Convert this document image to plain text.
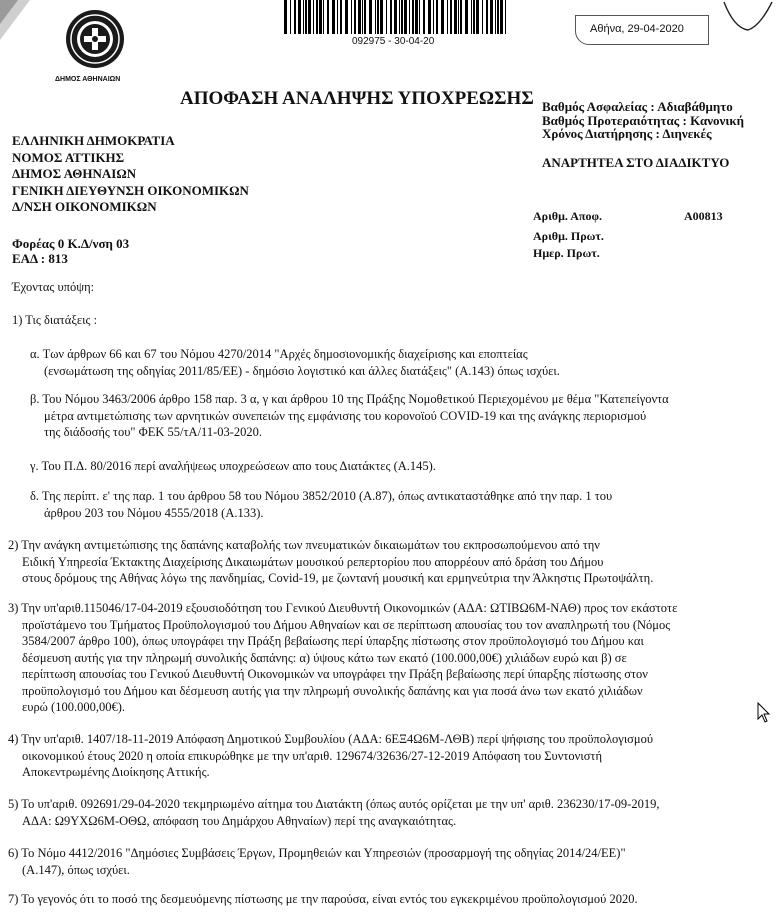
ΔΗΜΟΣ ΑΘΗΝΑΙΩΝ
092975 - 30-04-20
Αθήνα, 29-04-2020
ΑΠΟΦΑΣΗ ΑΝΑΛΗΨΗΣ ΥΠΟΧΡΕΩΣΗΣ Βαθμός Ασφαλείας : Αδιαβάθμητο
Βαθμός Προτεραιότητας : Κανονική
Χρόνος Διατήρησης : Διηνεκές
ΑΝΑΡΤΗΤΕΑ ΣΤΟ ΔΙΑΔΙΚΤΥΟ
ΕΛΛΗΝΙΚΗ ΔΗΜΟΚΡΑΤΙΑ
ΝΟΜΟΣ ΑΤΤΙΚΗΣ
ΔΗΜΟΣ ΑΘΗΝΑΙΩΝ
ΓΕΝΙΚΗ ΔΙΕΥΘΥΝΣΗ ΟΙΚΟΝΟΜΙΚΩΝ
Δ/ΝΣΗ ΟΙΚΟΝΟΜΙΚΩΝ
Αριθμ. Αποφ.	Α00813
Αριθμ. Πρωτ.
Ημερ. Πρωτ.
Φορέας 0 Κ.Δ/νση 03
ΕΑΔ : 813
Έχοντας υπόψη:
1) Τις διατάξεις :
α. Των άρθρων 66 και 67 του Νόμου 4270/2014 "Αρχές δημοσιονομικής διαχείρισης και εποπτείας
(ενσωμάτωση της οδηγίας 2011/85/ΕΕ) - δημόσιο λογιστικό και άλλες διατάξεις" (Α.143) όπως ισχύει.
β. Του Νόμου 3463/2006 άρθρο 158 παρ. 3 α, γ και άρθρου 10 της Πράξης Νομοθετικού Περιεχομένου με θέμα "Κατεπείγοντα
μέτρα αντιμετώπισης των αρνητικών συνεπειών της εμφάνισης του κορονοϊού COVID-19 και της ανάγκης περιορισμού
της διάδοσής του" ΦΕΚ 55/τΑ/11-03-2020.
γ. Του Π.Δ. 80/2016 περί αναλήψεως υποχρεώσεων απο τους Διατάκτες (Α.145).
δ. Της περίπτ. ε' της παρ. 1 του άρθρου 58 του Νόμου 3852/2010 (Α.87), όπως αντικαταστάθηκε από την παρ. 1 του
άρθρου 203 του Νόμου 4555/2018 (Α.133).
2) Την ανάγκη αντιμετώπισης της δαπάνης καταβολής των πνευματικών δικαιωμάτων του εκπροσωπούμενου από την
Ειδική Υπηρεσία Έκτακτης Διαχείρισης Δικαιωμάτων μουσικού ρεπερτορίου που απορρέουν από δράση του Δήμου
στους δρόμους της Αθήνας λόγω της πανδημίας, Covid-19, με ζωντανή μουσική και ερμηνεύτρια την Άλκηστις Πρωτοψάλτη.
3) Την υπ'αριθ.115046/17-04-2019 εξουσιοδότηση του Γενικού Διευθυντή Οικονομικών (ΑΔΑ: ΩΤΙΒΩ6Μ-ΝΑΘ) προς τον εκάστοτε
προϊστάμενο του Τμήματος Προϋπολογισμού του Δήμου Αθηναίων και σε περίπτωση απουσίας του τον αναπληρωτή του (Νόμος
3584/2007 άρθρο 100), όπως υπογράφει την Πράξη βεβαίωσης περί ύπαρξης πίστωσης στον προϋπολογισμό του Δήμου και
δέσμευση αυτής για την πληρωμή συνολικής δαπάνης: α) ύψους κάτω των εκατό (100.000,00€) χιλιάδων ευρώ και β) σε
περίπτωση απουσίας του Γενικού Διευθυντή Οικονομικών να υπογράφει την Πράξη βεβαίωσης περί ύπαρξης πίστωσης στον
προϋπολογισμό του Δήμου και δέσμευση αυτής για την πληρωμή συνολικής δαπάνης και για ποσά άνω των εκατό χιλιάδων
ευρώ (100.000,00€).
4) Την υπ'αριθ. 1407/18-11-2019 Απόφαση Δημοτικού Συμβουλίου (ΑΔΑ: 6ΕΞ4Ω6Μ-ΛΘΒ) περί ψήφισης του προϋπολογισμού
οικονομικού έτους 2020 η οποία επικυρώθηκε με την υπ'αριθ. 129674/32636/27-12-2019 Απόφαση του Συντονιστή
Αποκεντρωμένης Διοίκησης Αττικής.
5) Το υπ'αριθ. 092691/29-04-2020 τεκμηριωμένο αίτημα του Διατάκτη (όπως αυτός ορίζεται με την υπ' αριθ. 236230/17-09-2019,
ΑΔΑ: Ω9ΥΧΩ6Μ-ΟΘΩ, απόφαση του Δημάρχου Αθηναίων) περί της αναγκαιότητας.
6) Το Νόμο 4412/2016 "Δημόσιες Συμβάσεις Έργων, Προμηθειών και Υπηρεσιών (προσαρμογή της οδηγίας 2014/24/ΕΕ)"
(Α.147), όπως ισχύει.
7) Το γεγονός ότι το ποσό της δεσμευόμενης πίστωσης με την παρούσα, είναι εντός του εγκεκριμένου προϋπολογισμού 2020.
